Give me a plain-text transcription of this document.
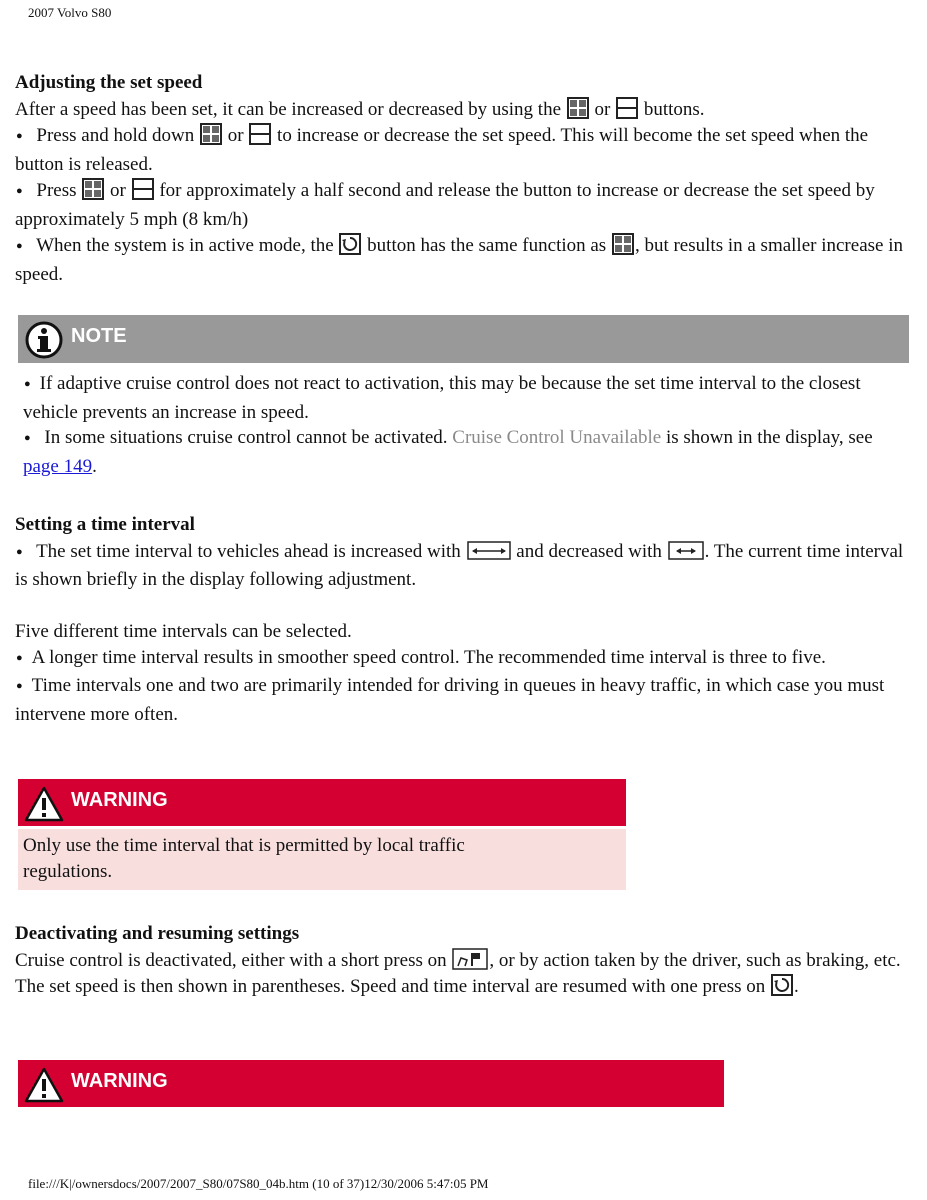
2007 Volvo S80
Adjusting the set speed
After a speed has been set, it can be increased or decreased by using the or buttons.
● Press and hold down or to increase or decrease the set speed. This will become the set speed when the button is released.
● Press or for approximately a half second and release the button to increase or decrease the set speed by approximately 5 mph (8 km/h)
● When the system is in active mode, the button has the same function as , but results in a smaller increase in speed.
NOTE
● If adaptive cruise control does not react to activation, this may be because the set time interval to the closest vehicle prevents an increase in speed.
● In some situations cruise control cannot be activated. Cruise Control Unavailable is shown in the display, see page 149.
Setting a time interval
● The set time interval to vehicles ahead is increased with	and decreased with . The current time interval is shown briefly in the display following adjustment.
Five different time intervals can be selected.
● A longer time interval results in smoother speed control. The recommended time interval is three to five.
● Time intervals one and two are primarily intended for driving in queues in heavy traffic, in which case you must intervene more often.
WARNING
Only use the time interval that is permitted by local traffic regulations.
Deactivating and resuming settings
Cruise control is deactivated, either with a short press on , or by action taken by the driver, such as braking, etc. The set speed is then shown in parentheses. Speed and time interval are resumed with one press on .
WARNING
file:///K|/ownersdocs/2007/2007_S80/07S80_04b.htm (10 of 37)12/30/2006 5:47:05 PM
